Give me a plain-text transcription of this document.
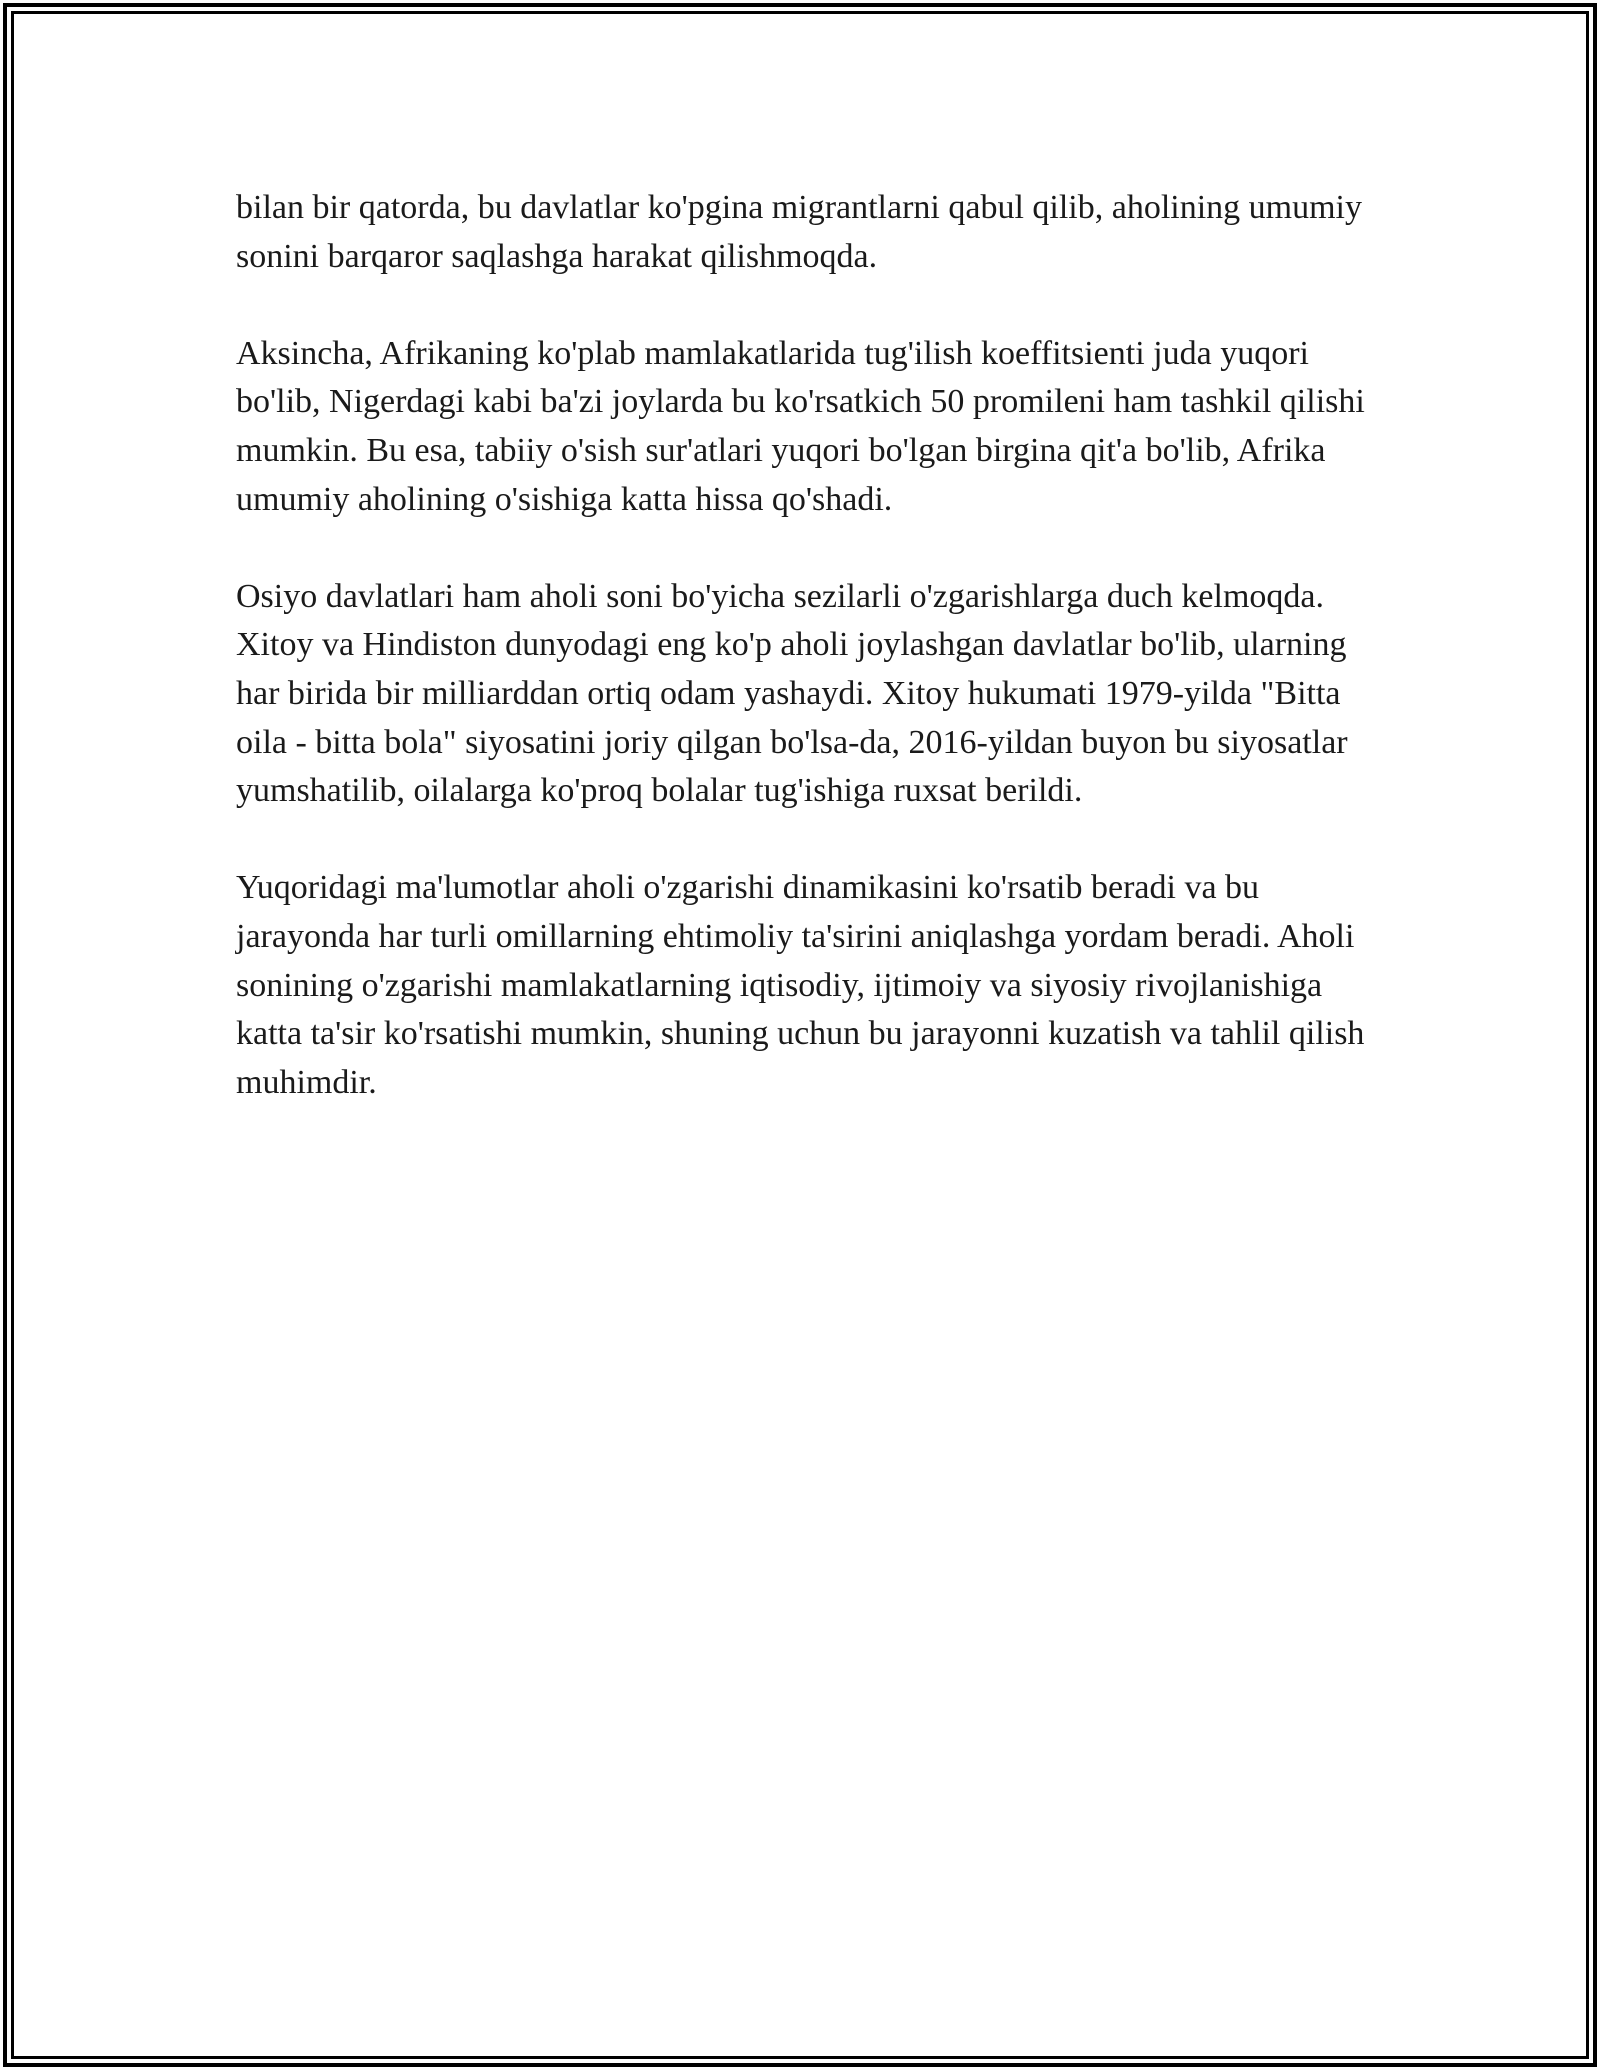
bilan bir qatorda, bu davlatlar ko'pgina migrantlarni qabul qilib, aholining umumiy sonini barqaror saqlashga harakat qilishmoqda.

Aksincha, Afrikaning ko'plab mamlakatlarida tug'ilish koeffitsienti juda yuqori bo'lib, Nigerdagi kabi ba'zi joylarda bu ko'rsatkich 50 promileni ham tashkil qilishi mumkin. Bu esa, tabiiy o'sish sur'atlari yuqori bo'lgan birgina qit'a bo'lib, Afrika umumiy aholining o'sishiga katta hissa qo'shadi.

Osiyo davlatlari ham aholi soni bo'yicha sezilarli o'zgarishlarga duch kelmoqda. Xitoy va Hindiston dunyodagi eng ko'p aholi joylashgan davlatlar bo'lib, ularning har birida bir milliarddan ortiq odam yashaydi. Xitoy hukumati 1979-yilda "Bitta oila - bitta bola" siyosatini joriy qilgan bo'lsa-da, 2016-yildan buyon bu siyosatlar yumshatilib, oilalarga ko'proq bolalar tug'ishiga ruxsat berildi.

Yuqoridagi ma'lumotlar aholi o'zgarishi dinamikasini ko'rsatib beradi va bu jarayonda har turli omillarning ehtimoliy ta'sirini aniqlashga yordam beradi. Aholi sonining o'zgarishi mamlakatlarning iqtisodiy, ijtimoiy va siyosiy rivojlanishiga katta ta'sir ko'rsatishi mumkin, shuning uchun bu jarayonni kuzatish va tahlil qilish muhimdir.
